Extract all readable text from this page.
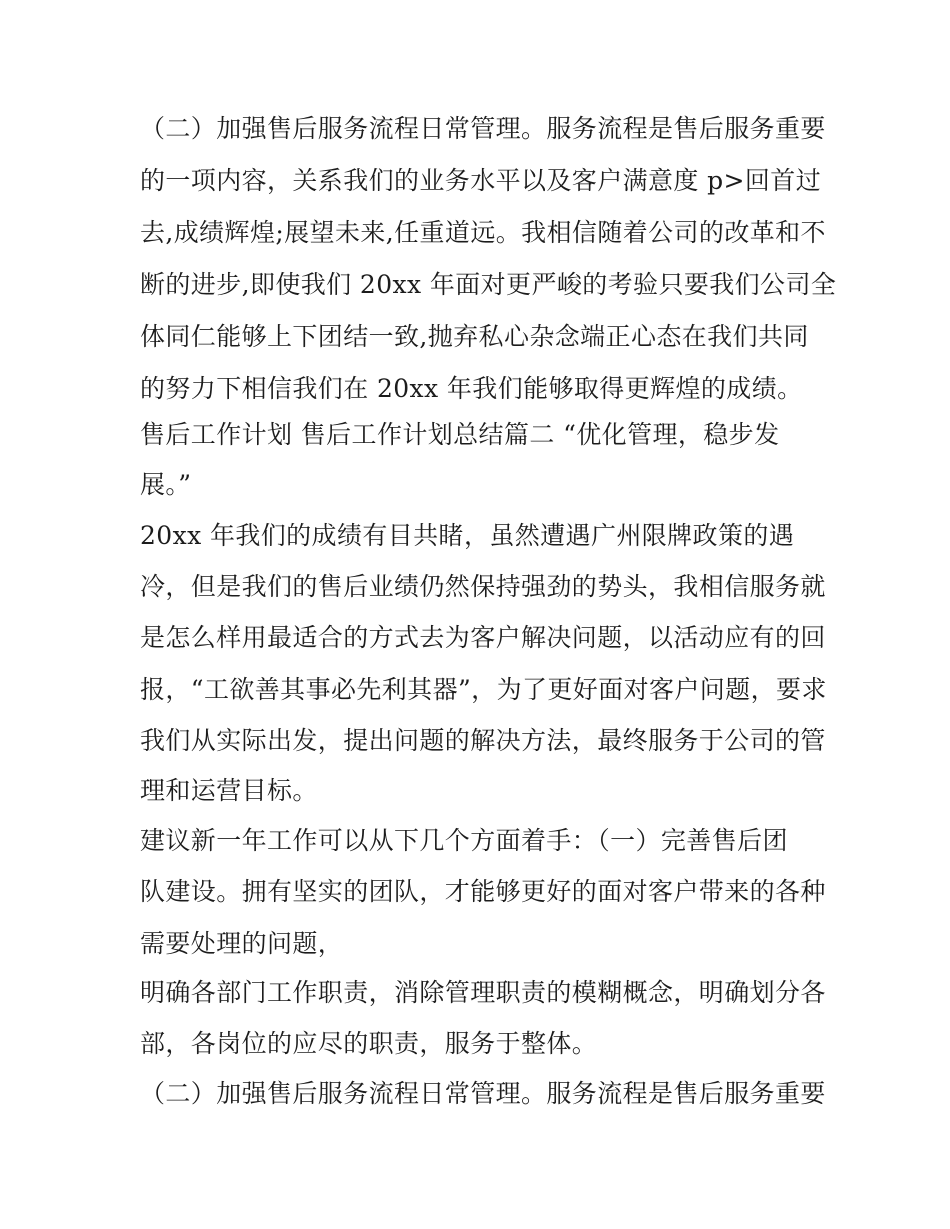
（二）加强售后服务流程日常管理。服务流程是售后服务重要
的一项内容，关系我们的业务水平以及客户满意度 p>回首过
去,成绩辉煌;展望未来,任重道远。我相信随着公司的改革和不
断的进步,即使我们 20xx 年面对更严峻的考验只要我们公司全
体同仁能够上下团结一致,抛弃私心杂念端正心态在我们共同
的努力下相信我们在 20xx 年我们能够取得更辉煌的成绩。
售后工作计划 售后工作计划总结篇二 “优化管理，稳步发
展。”
20xx 年我们的成绩有目共睹，虽然遭遇广州限牌政策的遇
冷，但是我们的售后业绩仍然保持强劲的势头，我相信服务就
是怎么样用最适合的方式去为客户解决问题，以活动应有的回
报，“工欲善其事必先利其器”，为了更好面对客户问题，要求
我们从实际出发，提出问题的解决方法，最终服务于公司的管
理和运营目标。
建议新一年工作可以从下几个方面着手：（一）完善售后团
队建设。拥有坚实的团队，才能够更好的面对客户带来的各种
需要处理的问题，
明确各部门工作职责，消除管理职责的模糊概念，明确划分各
部，各岗位的应尽的职责，服务于整体。
（二）加强售后服务流程日常管理。服务流程是售后服务重要
